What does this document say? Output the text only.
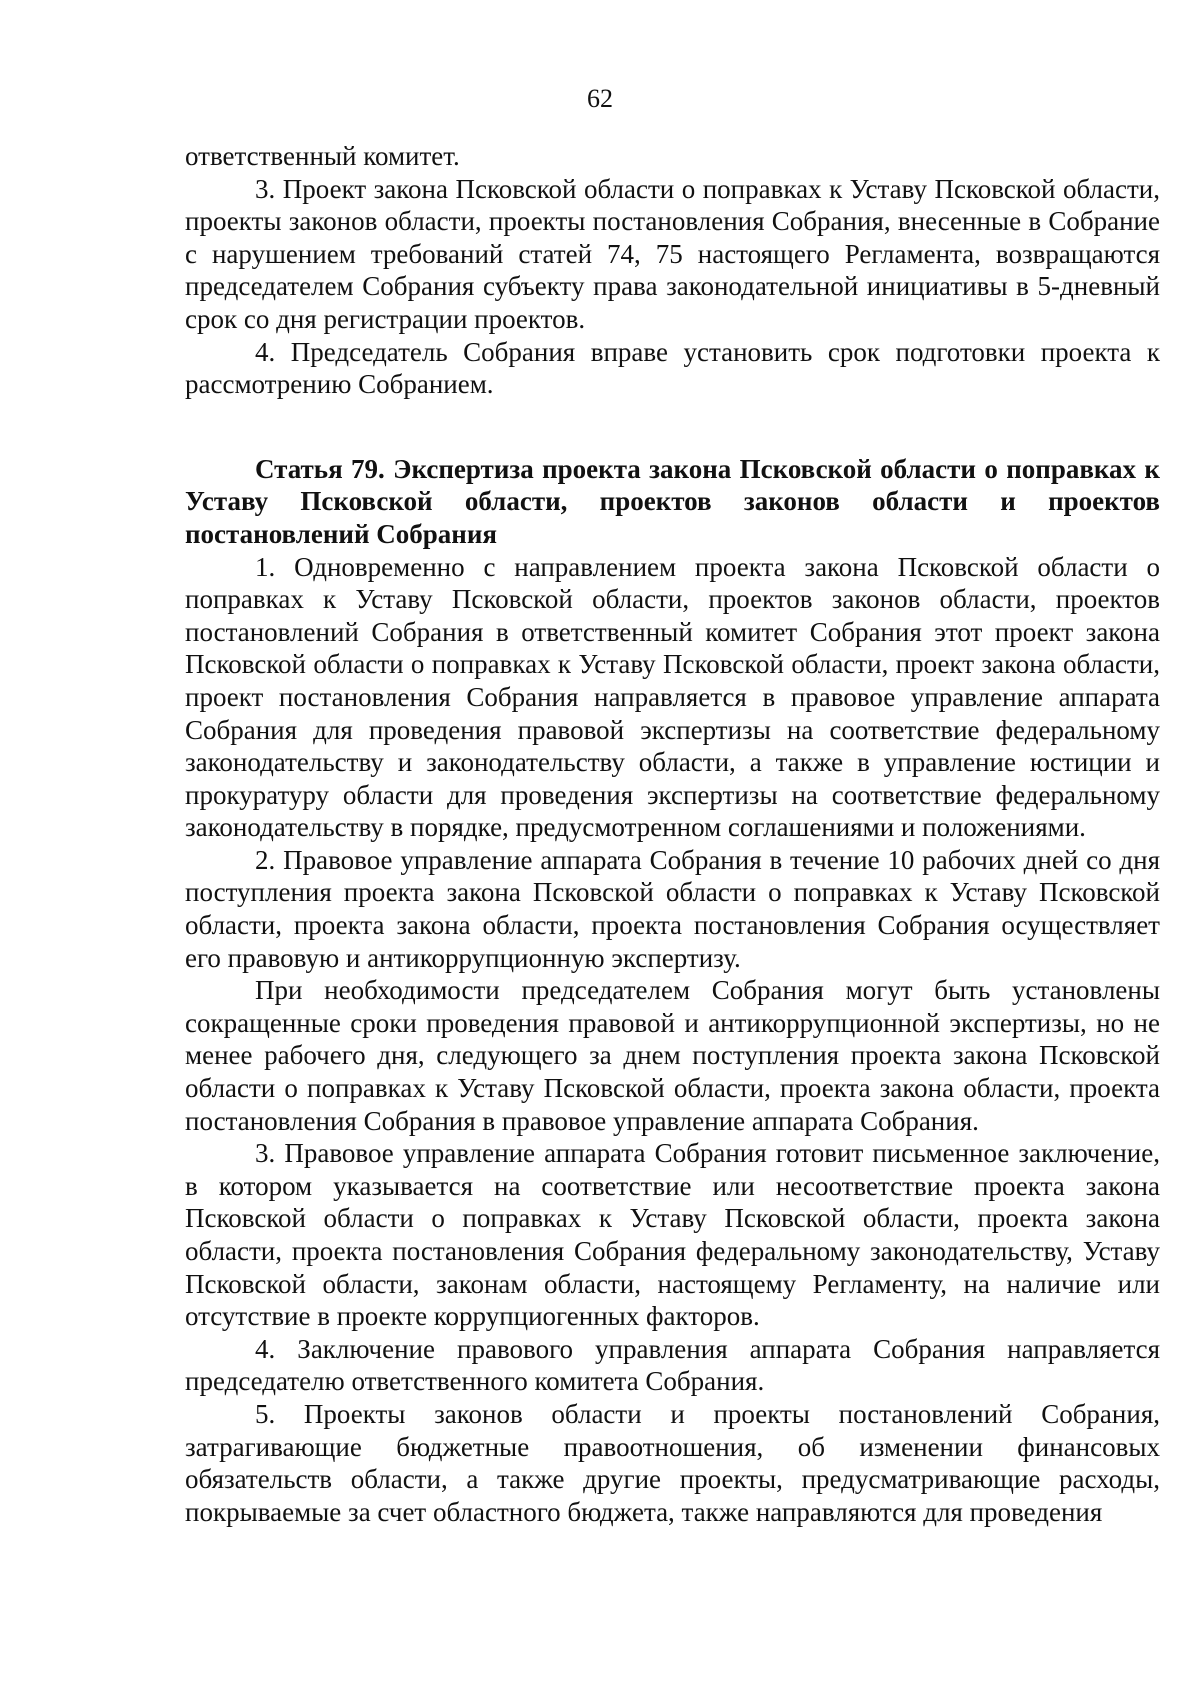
62

ответственный комитет.

3. Проект закона Псковской области о поправках к Уставу Псковской области, проекты законов области, проекты постановления Собрания, внесенные в Собрание с нарушением требований статей 74, 75 настоящего Регламента, возвращаются председателем Собрания субъекту права законодательной инициативы в 5-дневный срок со дня регистрации проектов.

4. Председатель Собрания вправе установить срок подготовки проекта к рассмотрению Собранием.

Статья 79. Экспертиза проекта закона Псковской области о поправках к Уставу Псковской области, проектов законов области и проектов постановлений Собрания

1. Одновременно с направлением проекта закона Псковской области о поправках к Уставу Псковской области, проектов законов области, проектов постановлений Собрания в ответственный комитет Собрания этот проект закона Псковской области о поправках к Уставу Псковской области, проект закона области, проект постановления Собрания направляется в правовое управление аппарата Собрания для проведения правовой экспертизы на соответствие федеральному законодательству и законодательству области, а также в управление юстиции и прокуратуру области для проведения экспертизы на соответствие федеральному законодательству в порядке, предусмотренном соглашениями и положениями.

2. Правовое управление аппарата Собрания в течение 10 рабочих дней со дня поступления проекта закона Псковской области о поправках к Уставу Псковской области, проекта закона области, проекта постановления Собрания осуществляет его правовую и антикоррупционную экспертизу.

При необходимости председателем Собрания могут быть установлены сокращенные сроки проведения правовой и антикоррупционной экспертизы, но не менее рабочего дня, следующего за днем поступления проекта закона Псковской области о поправках к Уставу Псковской области, проекта закона области, проекта постановления Собрания в правовое управление аппарата Собрания.

3. Правовое управление аппарата Собрания готовит письменное заключение, в котором указывается на соответствие или несоответствие проекта закона Псковской области о поправках к Уставу Псковской области, проекта закона области, проекта постановления Собрания федеральному законодательству, Уставу Псковской области, законам области, настоящему Регламенту, на наличие или отсутствие в проекте коррупциогенных факторов.

4. Заключение правового управления аппарата Собрания направляется председателю ответственного комитета Собрания.

5. Проекты законов области и проекты постановлений Собрания, затрагивающие бюджетные правоотношения, об изменении финансовых обязательств области, а также другие проекты, предусматривающие расходы, покрываемые за счет областного бюджета, также направляются для проведения
